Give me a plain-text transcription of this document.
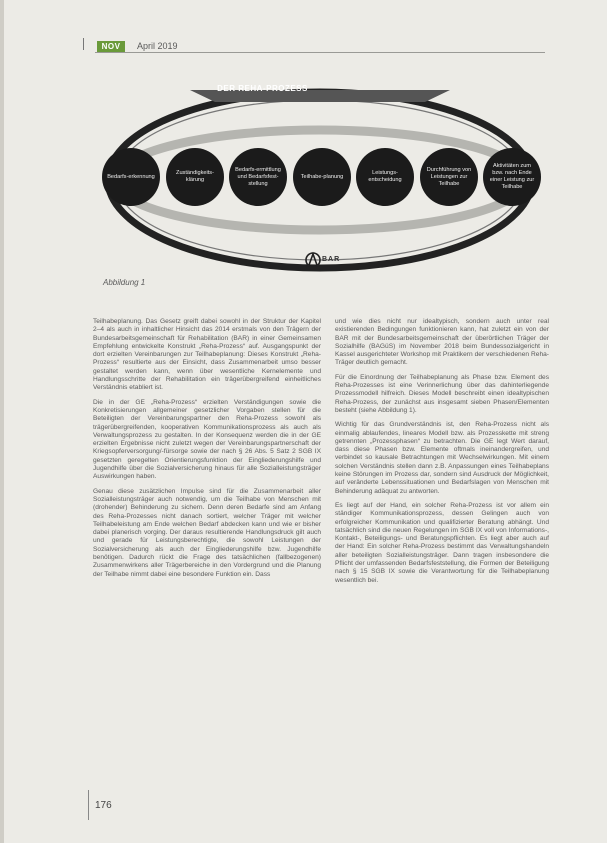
NOV	April 2019
DER REHA-PROZESS
Bedarfs-erkennung
Zuständigkeits-klärung
Bedarfs-ermittlung und Bedarfsfest-stellung
Teilhabe-planung
Leistungs-entscheidung
Durchführung von Leistungen zur Teilhabe
Aktivitäten zum bzw. nach Ende einer Leistung zur Teilhabe
BAR
Abbildung 1

Teilhabeplanung. Das Gesetz greift dabei sowohl in der Struktur der Kapitel 2–4 als auch in inhaltlicher Hinsicht das 2014 erstmals von den Trägern der Bundesarbeitsgemeinschaft für Rehabilitation (BAR) in einer Gemeinsamen Empfehlung entwickelte Konstrukt „Reha-Prozess“ auf. Ausgangspunkt der dort erzielten Vereinbarungen zur Teilhabeplanung: Dieses Konstrukt „Reha-Prozess“ resultierte aus der Einsicht, dass Zusammenarbeit umso besser gestaltet werden kann, wenn über wesentliche Kernelemente und Handlungsschritte der Rehabilitation ein trägerübergreifend einheitliches Verständnis etabliert ist.

Die in der GE „Reha-Prozess“ erzielten Verständigungen sowie die Konkretisierungen allgemeiner gesetzlicher Vorgaben stellen für die Beteiligten der Vereinbarungspartner den Reha-Prozess sowohl als trägerübergreifenden, kooperativen Kommunikationsprozess als auch als Verwaltungsprozess zu gestalten. In der Konsequenz werden die in der GE erzielten Ergebnisse nicht zuletzt wegen der Vereinbarungspartnerschaft der Kriegsopferversorgung/-fürsorge sowie der nach § 26 Abs. 5 Satz 2 SGB IX gesetzten geregelten Orientierungsfunktion der Eingliederungshilfe und Jugendhilfe über die Sozialversicherung hinaus für alle Sozialleistungsträger Auswirkungen haben.

Genau diese zusätzlichen Impulse sind für die Zusammenarbeit aller Sozialleistungsträger auch notwendig, um die Teilhabe von Menschen mit (drohender) Behinderung zu sichern. Denn deren Bedarfe sind am Anfang des Reha-Prozesses nicht danach sortiert, welcher Träger mit welcher Teilhabeleistung am Ende welchen Bedarf abdecken kann und wie er bisher dabei planerisch vorging. Der daraus resultierende Handlungsdruck gilt auch und gerade für Leistungsberechtigte, die sowohl Leistungen der Sozialversicherung als auch der Eingliederungshilfe bzw. Jugendhilfe benötigen. Dadurch rückt die Frage des tatsächlichen (fallbezogenen) Zusammenwirkens aller Trägerbereiche in den Vordergrund und die Planung der Teilhabe nimmt dabei eine besondere Funktion ein. Dass

und wie dies nicht nur idealtypisch, sondern auch unter real existierenden Bedingungen funktionieren kann, hat zuletzt ein von der BAR mit der Bundesarbeitsgemeinschaft der überörtlichen Träger der Sozialhilfe (BAGüS) im November 2018 beim Bundessozialgericht in Kassel ausgerichteter Workshop mit Praktikern der verschiedenen Reha-Träger deutlich gemacht.

Für die Einordnung der Teilhabeplanung als Phase bzw. Element des Reha-Prozesses ist eine Verinnerlichung über das dahinterliegende Prozessmodell hilfreich. Dieses Modell beschreibt einen idealtypischen Reha-Prozess, der zunächst aus insgesamt sieben Phasen/Elementen besteht (siehe Abbildung 1).

Wichtig für das Grundverständnis ist, den Reha-Prozess nicht als einmalig ablaufendes, lineares Modell bzw. als Prozesskette mit streng getrennten „Prozessphasen“ zu betrachten. Die GE legt Wert darauf, dass diese Phasen bzw. Elemente oftmals ineinandergreifen, und verbindet so kausale Betrachtungen mit Wechselwirkungen. Mit einem solchen Verständnis stellen dann z.B. Anpassungen eines Teilhabeplans keine Störungen im Prozess dar, sondern sind Ausdruck der Möglichkeit, auf veränderte Lebenssituationen und Bedarfslagen von Menschen mit Behinderung adäquat zu antworten.

Es liegt auf der Hand, ein solcher Reha-Prozess ist vor allem ein ständiger Kommunikationsprozess, dessen Gelingen auch von erfolgreicher Kommunikation und qualifizierter Beratung abhängt. Und tatsächlich sind die neuen Regelungen im SGB IX voll von Informations-, Kontakt-, Beteiligungs- und Beratungspflichten. Es liegt aber auch auf der Hand: Ein solcher Reha-Prozess bestimmt das Verwaltungshandeln aller beteiligten Sozialleistungsträger. Dann tragen insbesondere die Pflicht der umfassenden Bedarfsfeststellung, die Formen der Beteiligung nach § 15 SGB IX sowie die Verantwortung für die Teilhabeplanung wesentlich bei.

176
